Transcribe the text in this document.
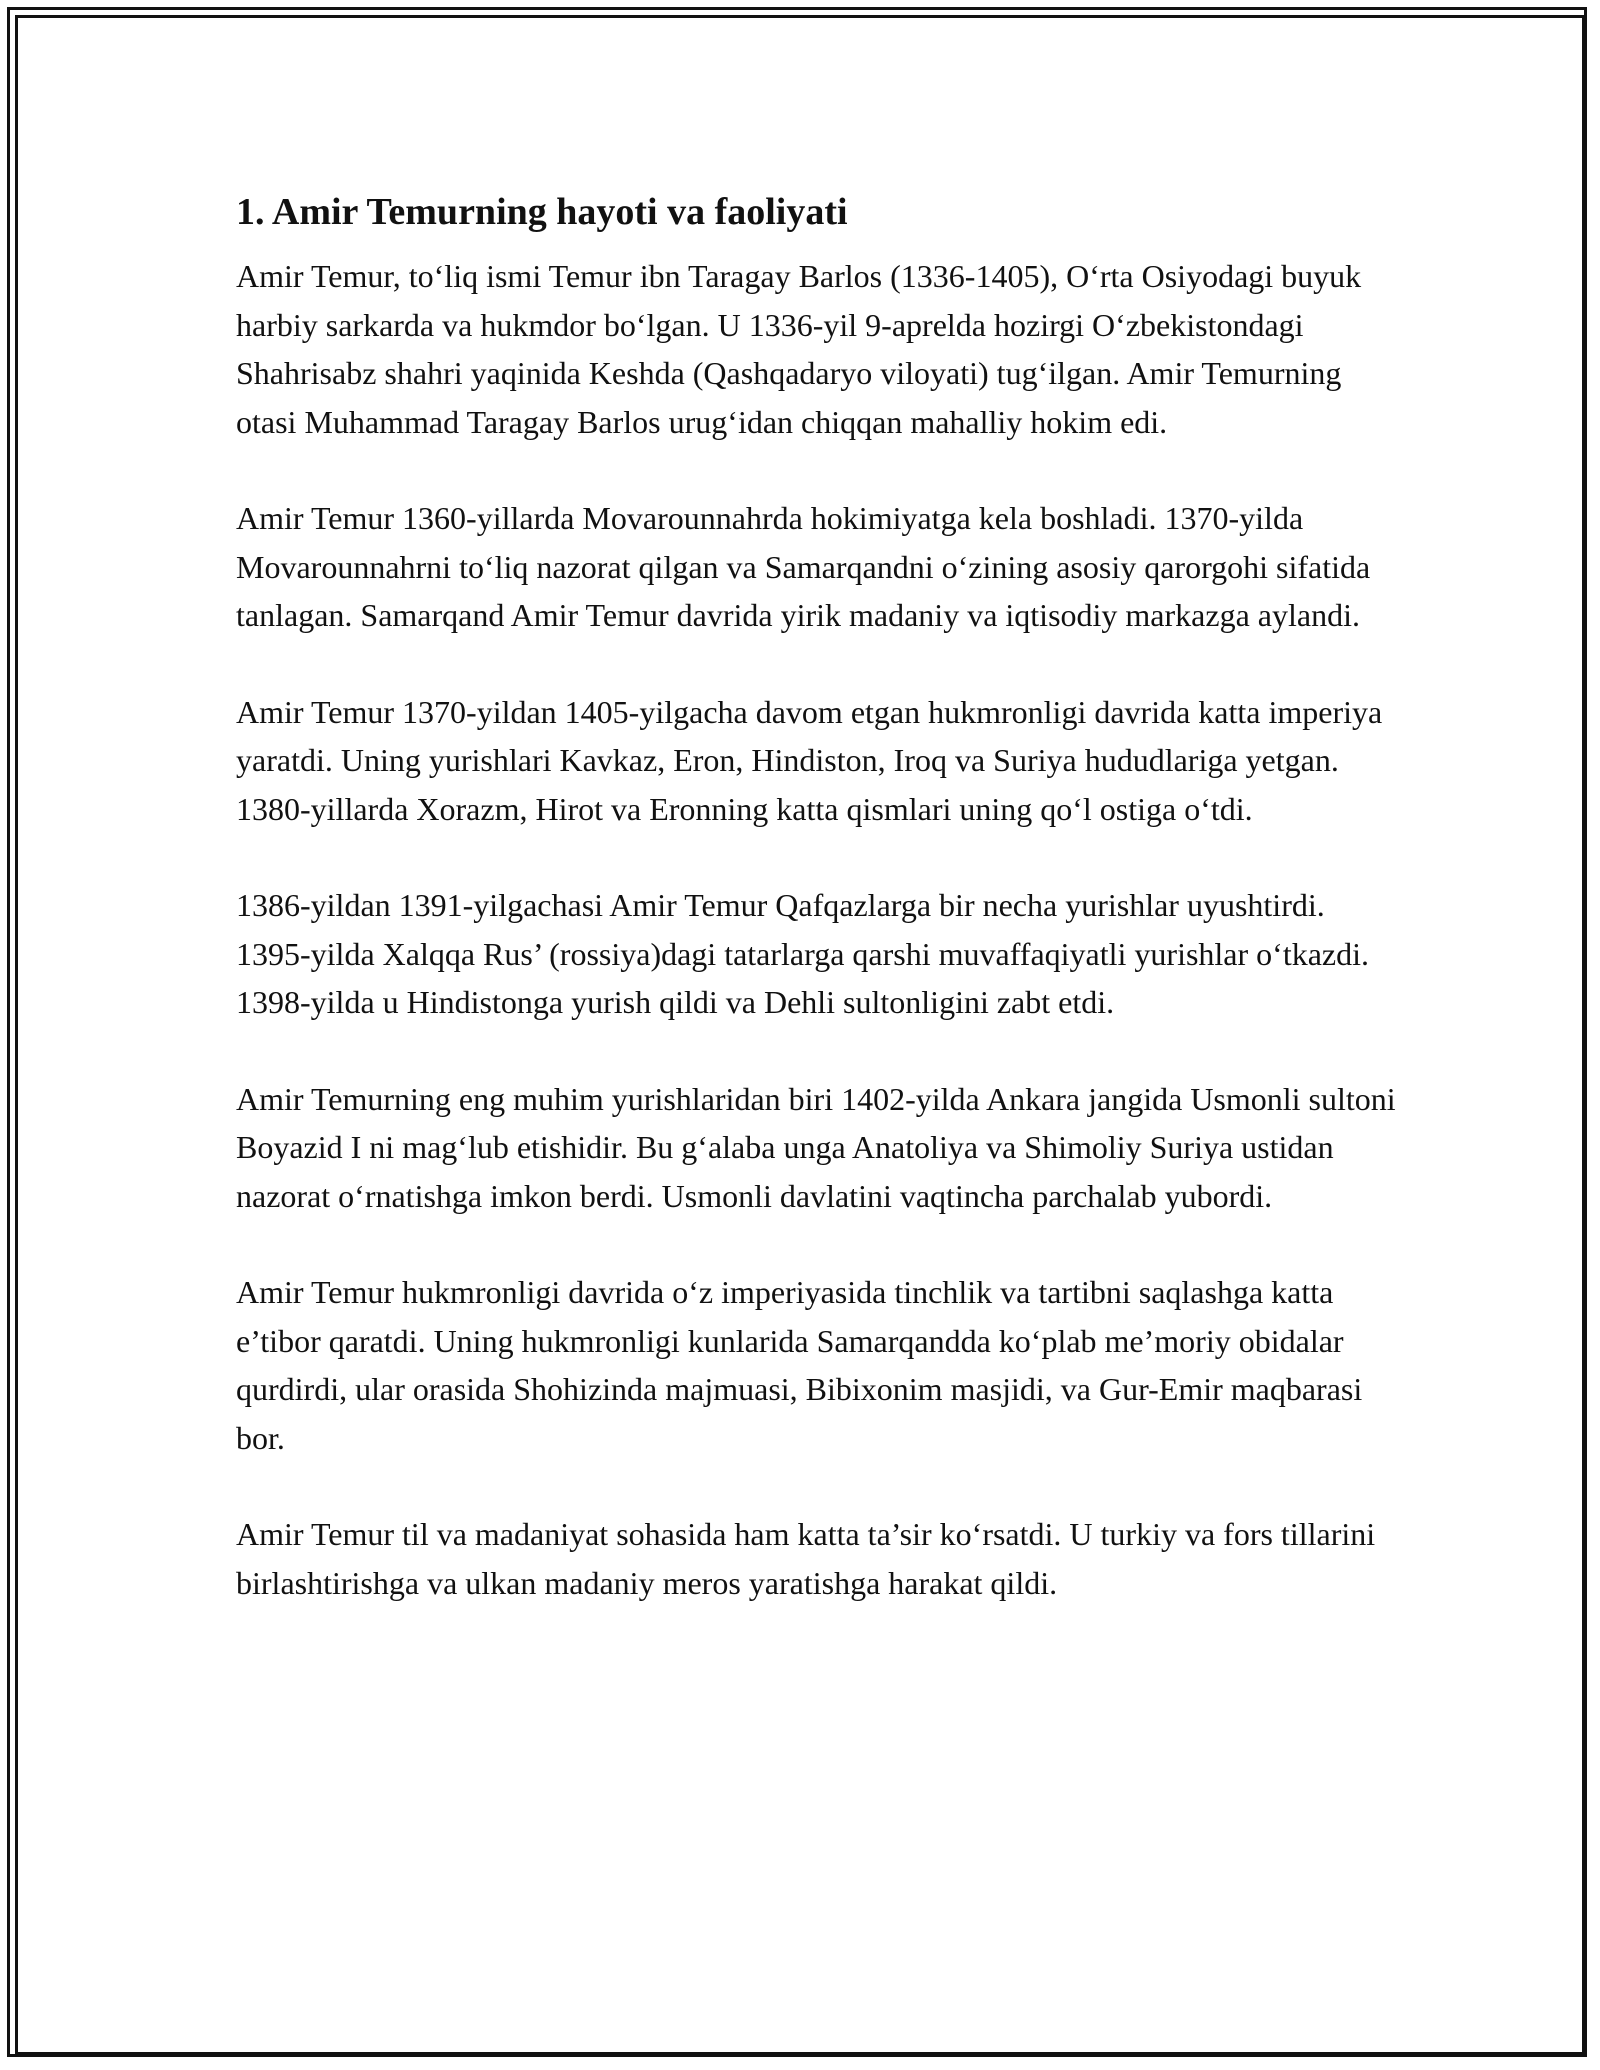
1. Amir Temurning hayoti va faoliyati

Amir Temur, to‘liq ismi Temur ibn Taragay Barlos (1336-1405), O‘rta Osiyodagi buyuk harbiy sarkarda va hukmdor bo‘lgan. U 1336-yil 9-aprelda hozirgi O‘zbekistondagi Shahrisabz shahri yaqinida Keshda (Qashqadaryo viloyati) tug‘ilgan. Amir Temurning otasi Muhammad Taragay Barlos urug‘idan chiqqan mahalliy hokim edi.

Amir Temur 1360-yillarda Movarounnahrda hokimiyatga kela boshladi. 1370-yilda Movarounnahrni to‘liq nazorat qilgan va Samarqandni o‘zining asosiy qarorgohi sifatida tanlagan. Samarqand Amir Temur davrida yirik madaniy va iqtisodiy markazga aylandi.

Amir Temur 1370-yildan 1405-yilgacha davom etgan hukmronligi davrida katta imperiya yaratdi. Uning yurishlari Kavkaz, Eron, Hindiston, Iroq va Suriya hududlariga yetgan. 1380-yillarda Xorazm, Hirot va Eronning katta qismlari uning qo‘l ostiga o‘tdi.

1386-yildan 1391-yilgachasi Amir Temur Qafqazlarga bir necha yurishlar uyushtirdi. 1395-yilda Xalqqa Rus’ (rossiya)dagi tatarlarga qarshi muvaffaqiyatli yurishlar o‘tkazdi. 1398-yilda u Hindistonga yurish qildi va Dehli sultonligini zabt etdi.

Amir Temurning eng muhim yurishlaridan biri 1402-yilda Ankara jangida Usmonli sultoni Boyazid I ni mag‘lub etishidir. Bu g‘alaba unga Anatoliya va Shimoliy Suriya ustidan nazorat o‘rnatishga imkon berdi. Usmonli davlatini vaqtincha parchalab yubordi.

Amir Temur hukmronligi davrida o‘z imperiyasida tinchlik va tartibni saqlashga katta e’tibor qaratdi. Uning hukmronligi kunlarida Samarqandda ko‘plab me’moriy obidalar qurdirdi, ular orasida Shohizinda majmuasi, Bibixonim masjidi, va Gur-Emir maqbarasi bor.

Amir Temur til va madaniyat sohasida ham katta ta’sir ko‘rsatdi. U turkiy va fors tillarini birlashtirishga va ulkan madaniy meros yaratishga harakat qildi.
